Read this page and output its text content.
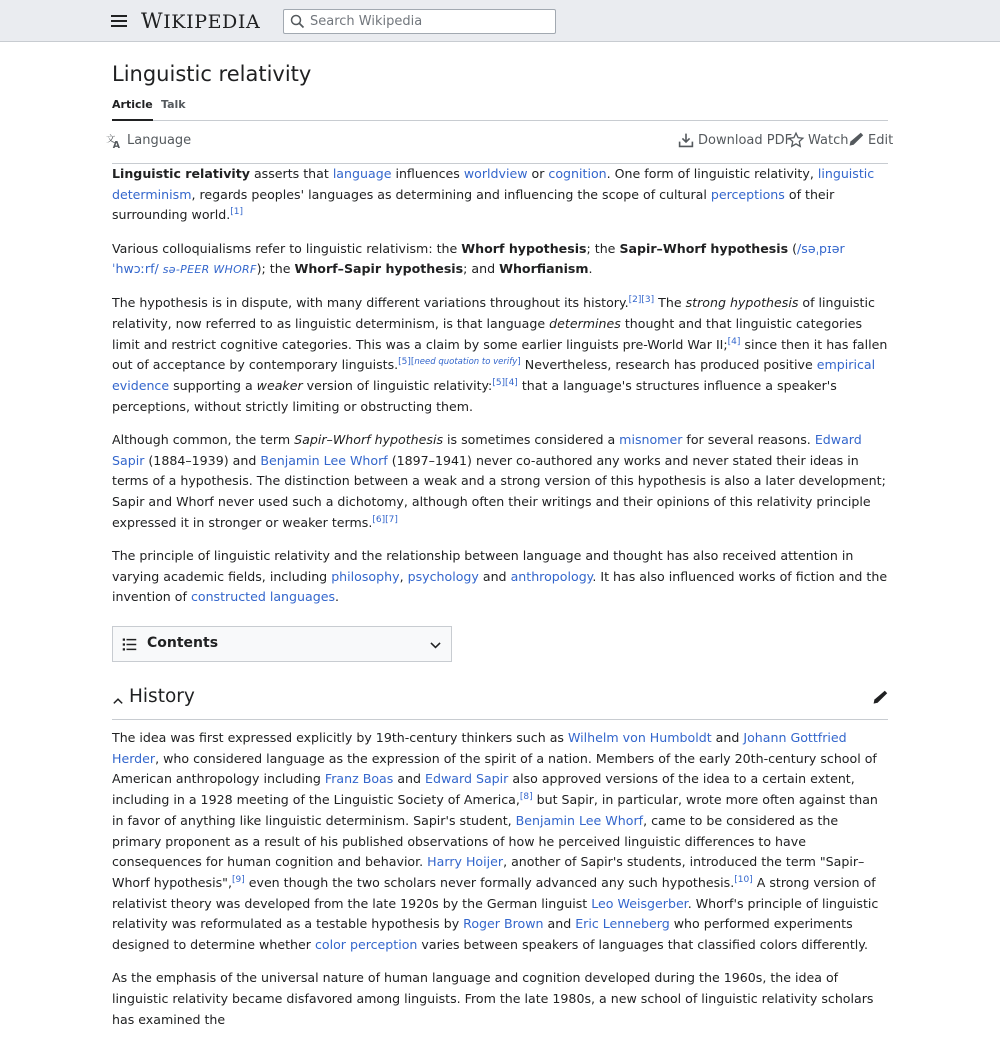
WIKIPEDIA
Search Wikipedia
Linguistic relativity
Article Talk
文
A Language	Download PDF Watch Edit

Linguistic relativity asserts that language influences worldview or cognition. One form of linguistic relativity, linguistic determinism, regards peoples' languages as determining and influencing the scope of cultural perceptions of their surrounding world.[1]

Various colloquialisms refer to linguistic relativism: the Whorf hypothesis; the Sapir–Whorf hypothesis (/səˌpɪər ˈhwɔːrf/ sə-PEER WHORF); the Whorf–Sapir hypothesis; and Whorfianism.

The hypothesis is in dispute, with many different variations throughout its history.[2][3] The strong hypothesis of linguistic relativity, now referred to as linguistic determinism, is that language determines thought and that linguistic categories limit and restrict cognitive categories. This was a claim by some earlier linguists pre-World War II;[4] since then it has fallen out of acceptance by contemporary linguists.[5][need quotation to verify] Nevertheless, research has produced positive empirical evidence supporting a weaker version of linguistic relativity:[5][4] that a language's structures influence a speaker's perceptions, without strictly limiting or obstructing them.

Although common, the term Sapir–Whorf hypothesis is sometimes considered a misnomer for several reasons. Edward Sapir (1884–1939) and Benjamin Lee Whorf (1897–1941) never co-authored any works and never stated their ideas in terms of a hypothesis. The distinction between a weak and a strong version of this hypothesis is also a later development; Sapir and Whorf never used such a dichotomy, although often their writings and their opinions of this relativity principle expressed it in stronger or weaker terms.[6][7]

The principle of linguistic relativity and the relationship between language and thought has also received attention in varying academic fields, including philosophy, psychology and anthropology. It has also influenced works of fiction and the invention of constructed languages.

Contents
History

The idea was first expressed explicitly by 19th-century thinkers such as Wilhelm von Humboldt and Johann Gottfried Herder, who considered language as the expression of the spirit of a nation. Members of the early 20th-century school of American anthropology including Franz Boas and Edward Sapir also approved versions of the idea to a certain extent, including in a 1928 meeting of the Linguistic Society of America,[8] but Sapir, in particular, wrote more often against than in favor of anything like linguistic determinism. Sapir's student, Benjamin Lee Whorf, came to be considered as the primary proponent as a result of his published observations of how he perceived linguistic differences to have consequences for human cognition and behavior. Harry Hoijer, another of Sapir's students, introduced the term "Sapir–Whorf hypothesis",[9] even though the two scholars never formally advanced any such hypothesis.[10] A strong version of relativist theory was developed from the late 1920s by the German linguist Leo Weisgerber. Whorf's principle of linguistic relativity was reformulated as a testable hypothesis by Roger Brown and Eric Lenneberg who performed experiments designed to determine whether color perception varies between speakers of languages that classified colors differently.

As the emphasis of the universal nature of human language and cognition developed during the 1960s, the idea of linguistic relativity became disfavored among linguists. From the late 1980s, a new school of linguistic relativity scholars has examined the
